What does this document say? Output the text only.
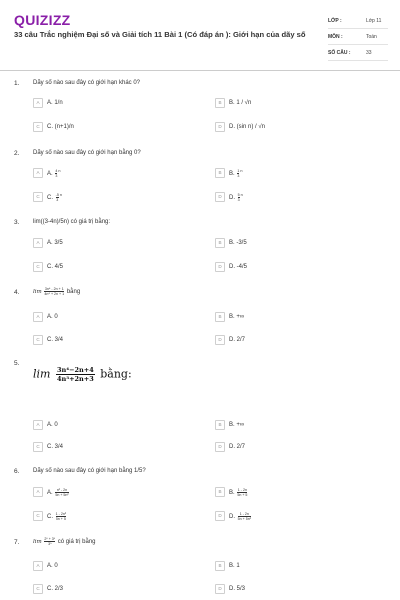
QUIZIZZ
33 câu Trắc nghiệm Đại số và Giải tích 11 Bài 1 (Có đáp án ): Giới hạn của dãy số
LỚP :	Lớp 11
MÔN :	Toán
SỐ CÂU :	33
1. Dãy số nào sau đây có giới hạn khác 0?
A	A. 1/n	B	B. 1 / √n
C	C. (n+1)/n	D	D. (sin n) / √n
2. Dãy số nào sau đây có giới hạn bằng 0?
A	A. $\frac{4}{3} ^n$	B	B. $\frac{1}{3} ^n$
C	C. $\frac{-5}{3} ^n$	D	D. $\frac{5}{3} ^n$
3. lim((3-4n)/5n) có giá trị bằng:
A	A. 3/5	B	B. -3/5
C	C. 4/5	D	D. -4/5
4. $\lim \frac{\text{3n⁴ - 2n + 1}}{\text{4n⁴ + 2n + 1}}$ bằng
A	A. 0	B	B. +∞
C	C. 3/4	D	D. 2/7
5.
$\lim \frac{\text{3n⁴−2n+4}}{\text{4n³+2n+3}}$ bằng:
A	A. 0	B	B. +∞
C	C. 3/4	D	D. 2/7
6. Dãy số nào sau đây có giới hạn bằng 1/5?
A	A. $\frac{\text{n² - 2n}}{\text{5n + 5n²}}$	B	B. $\frac{1 - 2n}{5n + 5}$
C	C. $\frac{\text{1 - 2n²}}{5n + 5}$	D	D. $\frac{1 - 2n}{\text{5n + 5n²}}$
7. $\lim \frac{\text{2ⁿ + 3ⁿ}}{\text{3ⁿ}}$ có giá trị bằng
A	A. 0	B	B. 1
C	C. 2/3	D	D. 5/3
